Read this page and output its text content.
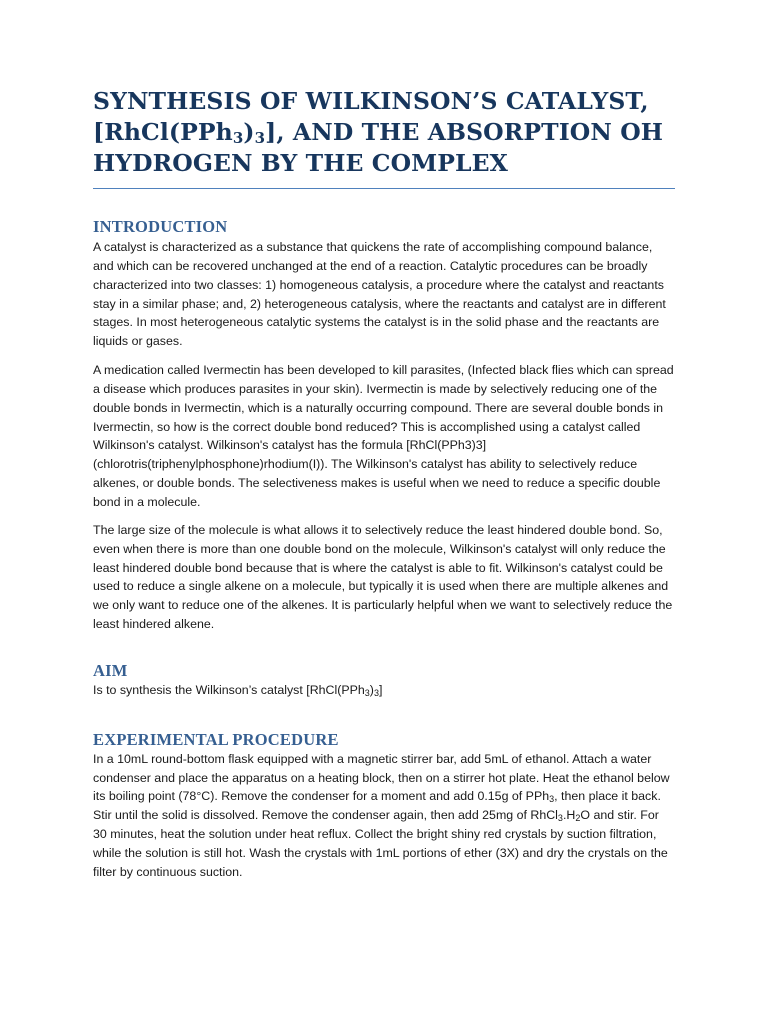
SYNTHESIS OF WILKINSON’S CATALYST,
$[RhCl(PPh_3)_3]$, AND THE ABSORPTION OH
HYDROGEN BY THE COMPLEX
INTRODUCTION

A catalyst is characterized as a substance that quickens the rate of accomplishing compound balance, and which can be recovered unchanged at the end of a reaction. Catalytic procedures can be broadly characterized into two classes: 1) homogeneous catalysis, a procedure where the catalyst and reactants stay in a similar phase; and, 2) heterogeneous catalysis, where the reactants and catalyst are in different stages. In most heterogeneous catalytic systems the catalyst is in the solid phase and the reactants are liquids or gases.

A medication called Ivermectin has been developed to kill parasites, (Infected black flies which can spread a disease which produces parasites in your skin). Ivermectin is made by selectively reducing one of the double bonds in Ivermectin, which is a naturally occurring compound. There are several double bonds in Ivermectin, so how is the correct double bond reduced? This is accomplished using a catalyst called Wilkinson's catalyst. Wilkinson's catalyst has the formula [RhCl(PPh3)3] (chlorotris(triphenylphosphone)rhodium(I)). The Wilkinson's catalyst has ability to selectively reduce alkenes, or double bonds. The selectiveness makes is useful when we need to reduce a specific double bond in a molecule.

The large size of the molecule is what allows it to selectively reduce the least hindered double bond. So, even when there is more than one double bond on the molecule, Wilkinson's catalyst will only reduce the least hindered double bond because that is where the catalyst is able to fit. Wilkinson's catalyst could be used to reduce a single alkene on a molecule, but typically it is used when there are multiple alkenes and we only want to reduce one of the alkenes. It is particularly helpful when we want to selectively reduce the least hindered alkene.

AIM

Is to synthesis the Wilkinson’s catalyst $[RhCl(PPh_3)_3]$

EXPERIMENTAL PROCEDURE

In a 10mL round-bottom flask equipped with a magnetic stirrer bar, add 5mL of ethanol. Attach a water condenser and place the apparatus on a heating block, then on a stirrer hot plate. Heat the ethanol below its boiling point (78°C). Remove the condenser for a moment and add 0.15g of PPh$_3$, then place it back. Stir until the solid is dissolved. Remove the condenser again, then add 25mg of $RhCl_3.H_2O$ and stir. For 30 minutes, heat the solution under heat reflux. Collect the bright shiny red crystals by suction filtration, while the solution is still hot. Wash the crystals with 1mL portions of ether (3X) and dry the crystals on the filter by continuous suction.
